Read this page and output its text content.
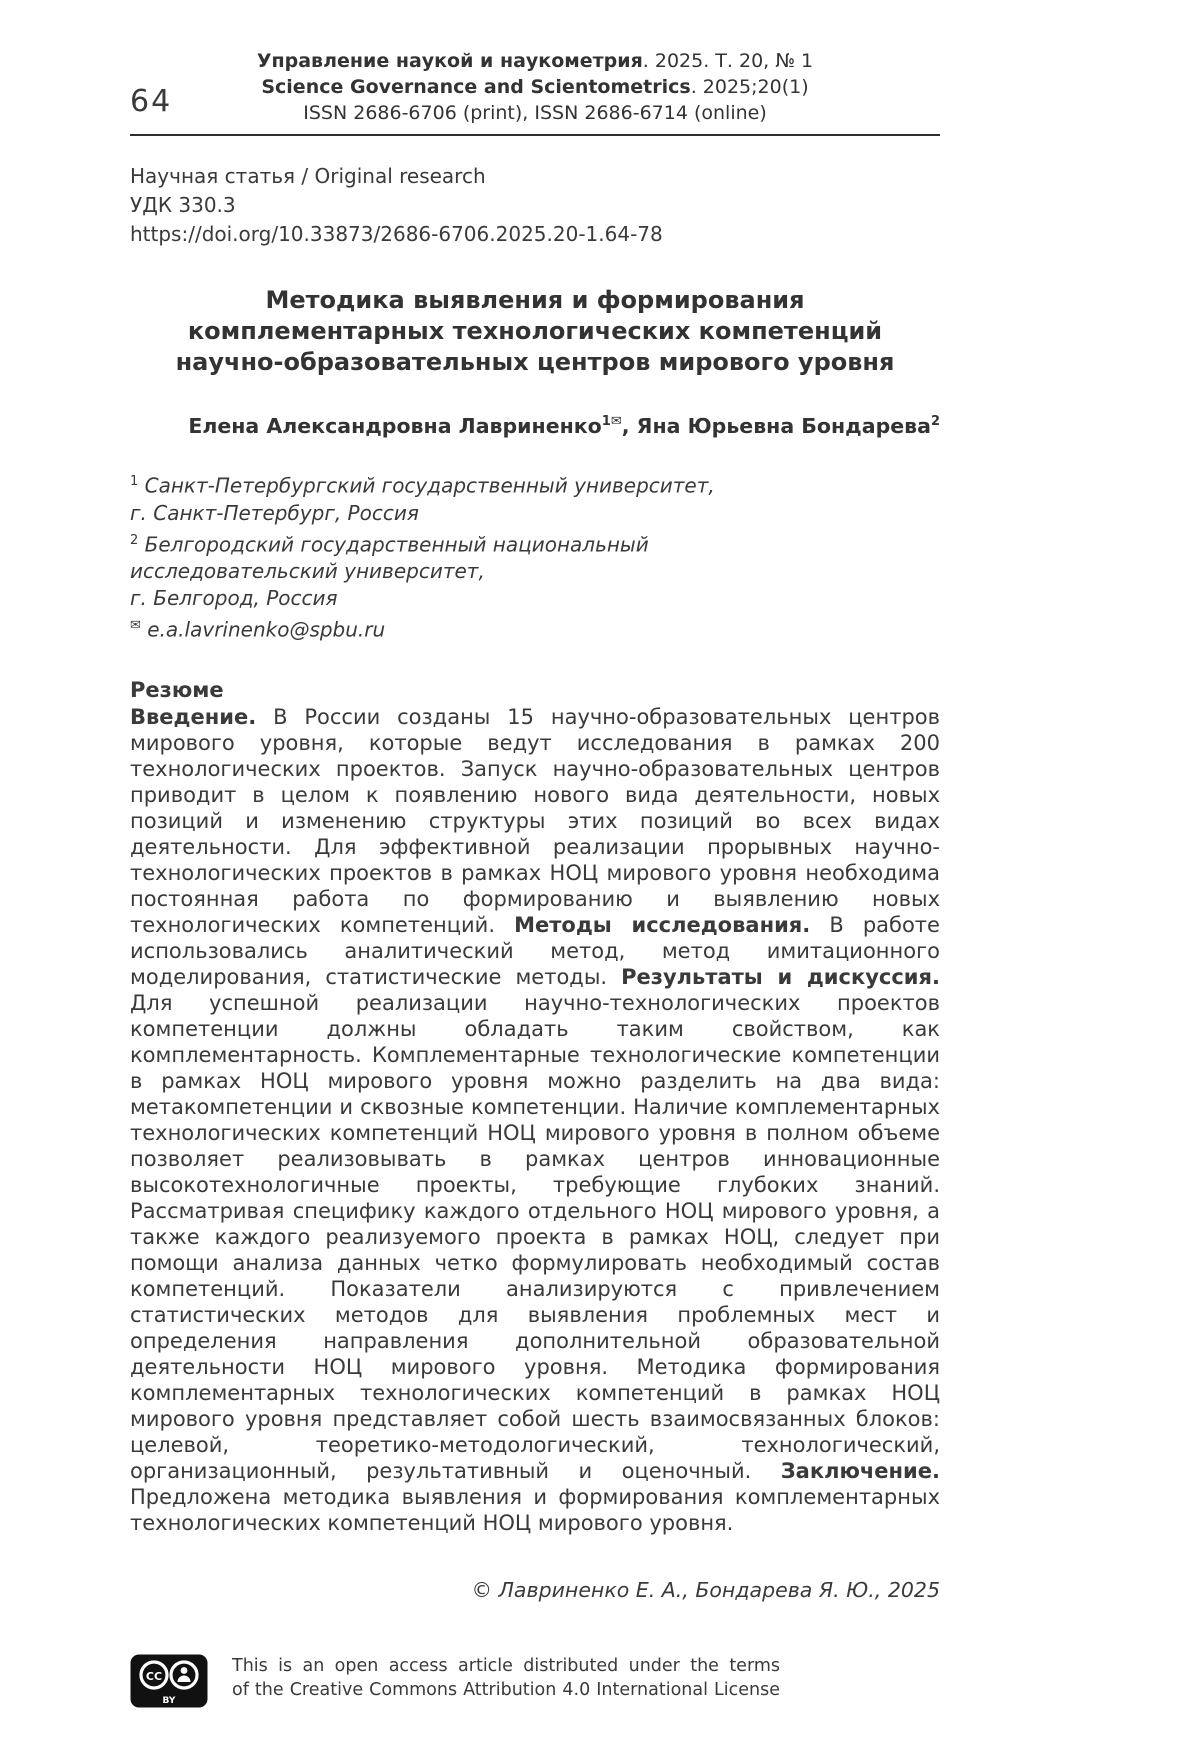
64
Управление наукой и наукометрия. 2025. Т. 20, № 1
Science Governance and Scientometrics. 2025;20(1)
ISSN 2686-6706 (print), ISSN 2686-6714 (online)
Научная статья / Original research
УДК 330.3
https://doi.org/10.33873/2686-6706.2025.20-1.64-78
Методика выявления и формирования
комплементарных технологических компетенций
научно-образовательных центров мирового уровня
Елена Александровна Лавриненко$^{1✉}$, Яна Юрьевна Бондарева$^2$
$^1$ Санкт-Петербургский государственный университет,
г. Санкт-Петербург, Россия
$^2$ Белгородский государственный национальный
исследовательский университет,
г. Белгород, Россия
✉ e.a.lavrinenko@spbu.ru
Резюме
Введение. В России созданы 15 научно-образовательных центров мирового уровня, которые ведут исследования в рамках 200 технологических проектов. Запуск научно-образовательных центров приводит в целом к появлению нового вида деятельности, новых позиций и изменению структуры этих позиций во всех видах деятельности. Для эффективной реализации прорывных научно-технологических проектов в рамках НОЦ мирового уровня необходима постоянная работа по формированию и выявлению новых технологических компетенций. Методы исследования. В работе использовались аналитический метод, метод имитационного моделирования, статистические методы. Результаты и дискуссия. Для успешной реализации научно-технологических проектов компетенции должны обладать таким свойством, как комплементарность. Комплементарные технологические компетенции в рамках НОЦ мирового уровня можно разделить на два вида: метакомпетенции и сквозные компетенции. Наличие комплементарных технологических компетенций НОЦ мирового уровня в полном объеме позволяет реализовывать в рамках центров инновационные высокотехнологичные проекты, требующие глубоких знаний. Рассматривая специфику каждого отдельного НОЦ мирового уровня, а также каждого реализуемого проекта в рамках НОЦ, следует при помощи анализа данных четко формулировать необходимый состав компетенций. Показатели анализируются с привлечением статистических методов для выявления проблемных мест и определения направления дополнительной образовательной деятельности НОЦ мирового уровня. Методика формирования комплементарных технологических компетенций в рамках НОЦ мирового уровня представляет собой шесть взаимосвязанных блоков: целевой, теоретико-методологический, технологический, организационный, результативный и оценочный. Заключение. Предложена методика выявления и формирования комплементарных технологических компетенций НОЦ мирового уровня.
© Лавриненко Е. А., Бондарева Я. Ю., 2025
CC
BY
This is an open access article distributed under the terms
of the Creative Commons Attribution 4.0 International License
